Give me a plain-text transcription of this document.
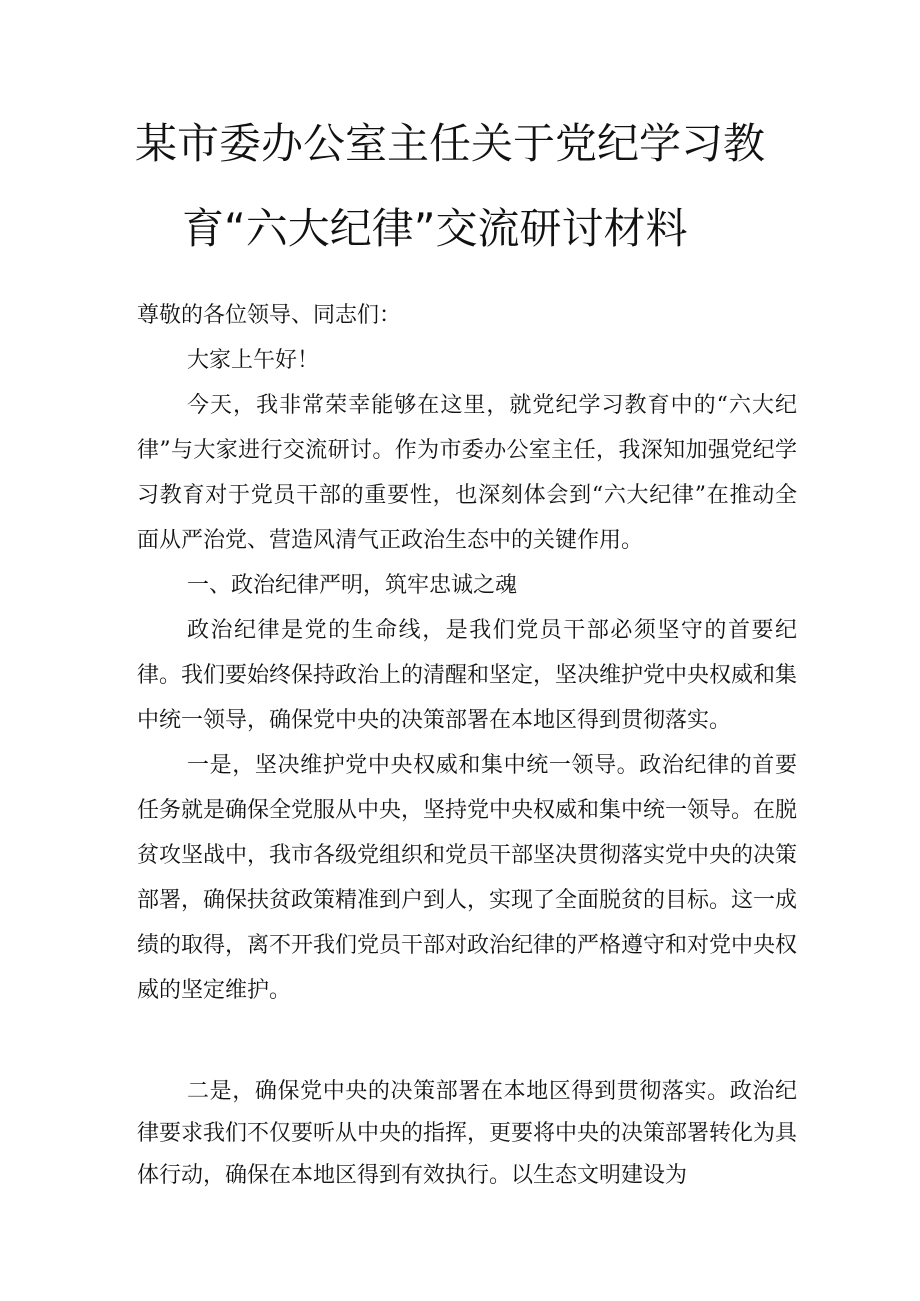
某市委办公室主任关于党纪学习教
育“六大纪律”交流研讨材料

尊敬的各位领导、同志们：

大家上午好！

今天，我非常荣幸能够在这里，就党纪学习教育中的“六大纪律”与大家进行交流研讨。作为市委办公室主任，我深知加强党纪学习教育对于党员干部的重要性，也深刻体会到“六大纪律”在推动全面从严治党、营造风清气正政治生态中的关键作用。

一、政治纪律严明，筑牢忠诚之魂

政治纪律是党的生命线，是我们党员干部必须坚守的首要纪律。我们要始终保持政治上的清醒和坚定，坚决维护党中央权威和集中统一领导，确保党中央的决策部署在本地区得到贯彻落实。

一是，坚决维护党中央权威和集中统一领导。政治纪律的首要任务就是确保全党服从中央，坚持党中央权威和集中统一领导。在脱贫攻坚战中，我市各级党组织和党员干部坚决贯彻落实党中央的决策部署，确保扶贫政策精准到户到人，实现了全面脱贫的目标。这一成绩的取得，离不开我们党员干部对政治纪律的严格遵守和对党中央权威的坚定维护。

二是，确保党中央的决策部署在本地区得到贯彻落实。政治纪律要求我们不仅要听从中央的指挥，更要将中央的决策部署转化为具体行动，确保在本地区得到有效执行。以生态文明建设为
